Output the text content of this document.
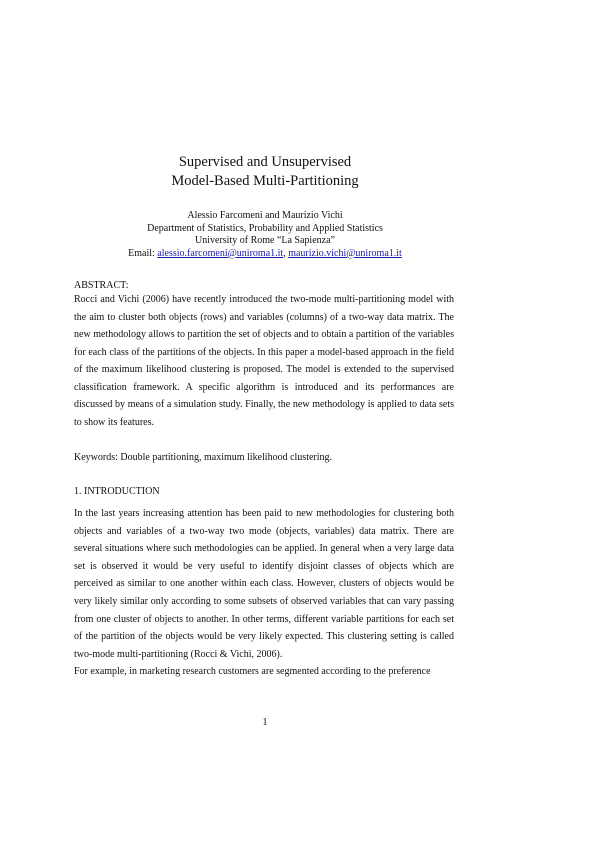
Supervised and Unsupervised
Model-Based Multi-Partitioning
Alessio Farcomeni and Maurizio Vichi
Department of Statistics, Probability and Applied Statistics
University of Rome “La Sapienza”
Email: alessio.farcomeni@uniroma1.it, maurizio.vichi@uniroma1.it
ABSTRACT:
Rocci and Vichi (2006) have recently introduced the two-mode multi-partitioning model with the aim to cluster both objects (rows) and variables (columns) of a two-way data matrix. The new methodology allows to partition the set of objects and to obtain a partition of the variables for each class of the partitions of the objects. In this paper a model-based approach in the field of the maximum likelihood clustering is proposed. The model is extended to the supervised classification framework. A specific algorithm is introduced and its performances are discussed by means of a simulation study. Finally, the new methodology is applied to data sets to show its features.
Keywords: Double partitioning, maximum likelihood clustering.
1. INTRODUCTION

In the last years increasing attention has been paid to new methodologies for clustering both objects and variables of a two-way two mode (objects, variables) data matrix. There are several situations where such methodologies can be applied. In general when a very large data set is observed it would be very useful to identify disjoint classes of objects which are perceived as similar to one another within each class. However, clusters of objects would be very likely similar only according to some subsets of observed variables that can vary passing from one cluster of objects to another. In other terms, different variable partitions for each set of the partition of the objects would be very likely expected. This clustering setting is called two-mode multi-partitioning (Rocci & Vichi, 2006).

For example, in marketing research customers are segmented according to the preference

1
